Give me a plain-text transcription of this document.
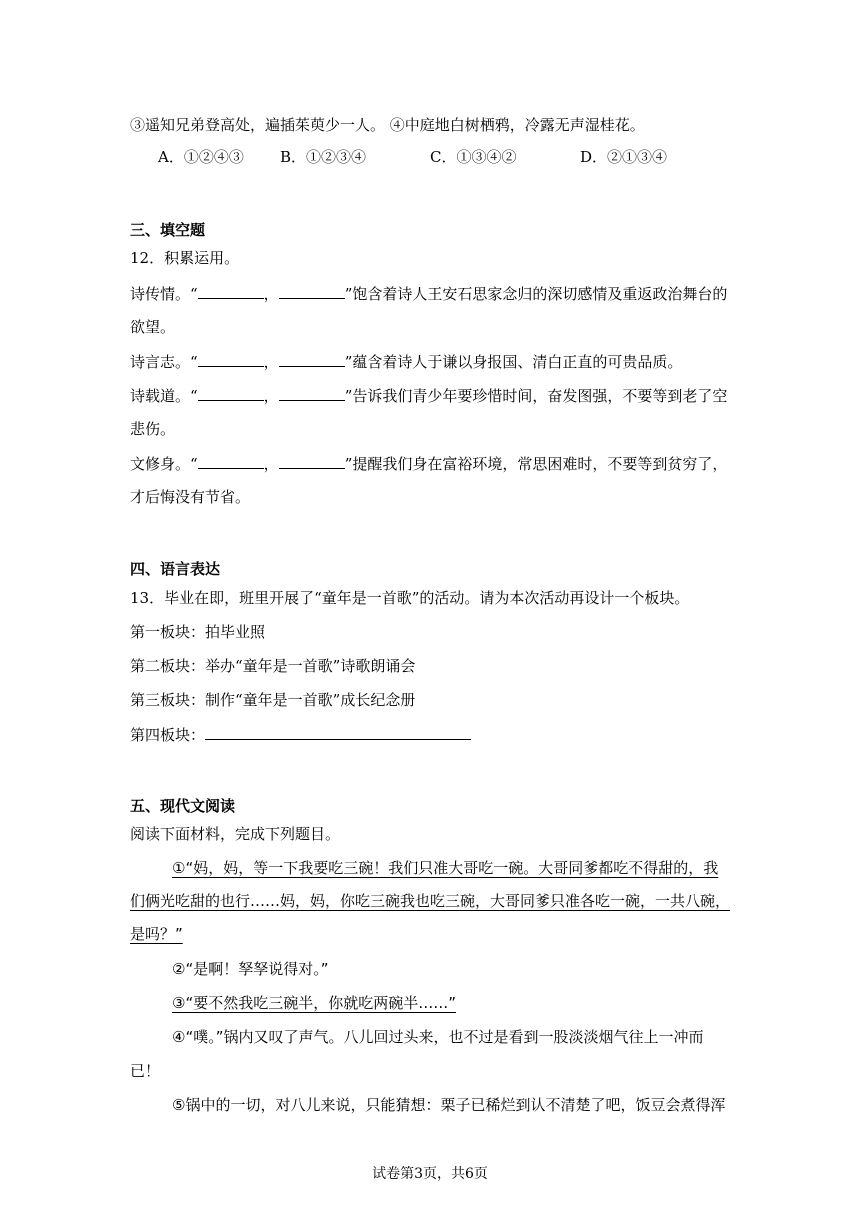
③遥知兄弟登高处，遍插茱萸少一人。 ④中庭地白树栖鸦，冷露无声湿桂花。
A．①②④③ B．①②③④	C．①③④②	D．②①③④
三、填空题
12．积累运用。
诗传情。“	，	”饱含着诗人王安石思家念归的深切感情及重返政治舞台的
欲望。
诗言志。“	，	”蕴含着诗人于谦以身报国、清白正直的可贵品质。
诗载道。“	，	”告诉我们青少年要珍惜时间，奋发图强，不要等到老了空
悲伤。
文修身。“	，	”提醒我们身在富裕环境，常思困难时，不要等到贫穷了，
才后悔没有节省。
四、语言表达
13．毕业在即，班里开展了“童年是一首歌”的活动。请为本次活动再设计一个板块。
第一板块：拍毕业照
第二板块：举办“童年是一首歌”诗歌朗诵会
第三板块：制作“童年是一首歌”成长纪念册
第四板块：
五、现代文阅读
阅读下面材料，完成下列题目。
①“妈，妈，等一下我要吃三碗！我们只准大哥吃一碗。大哥同爹都吃不得甜的，我
们俩光吃甜的也行……妈，妈，你吃三碗我也吃三碗，大哥同爹只准各吃一碗，一共八碗，
是吗？”
②“是啊！孥孥说得对。”
③“要不然我吃三碗半，你就吃两碗半……”
④“噗。”锅内又叹了声气。八儿回过头来，也不过是看到一股淡淡烟气往上一冲而
已！
⑤锅中的一切，对八儿来说，只能猜想：栗子已稀烂到认不清楚了吧，饭豆会煮得浑
试卷第3页，共6页
